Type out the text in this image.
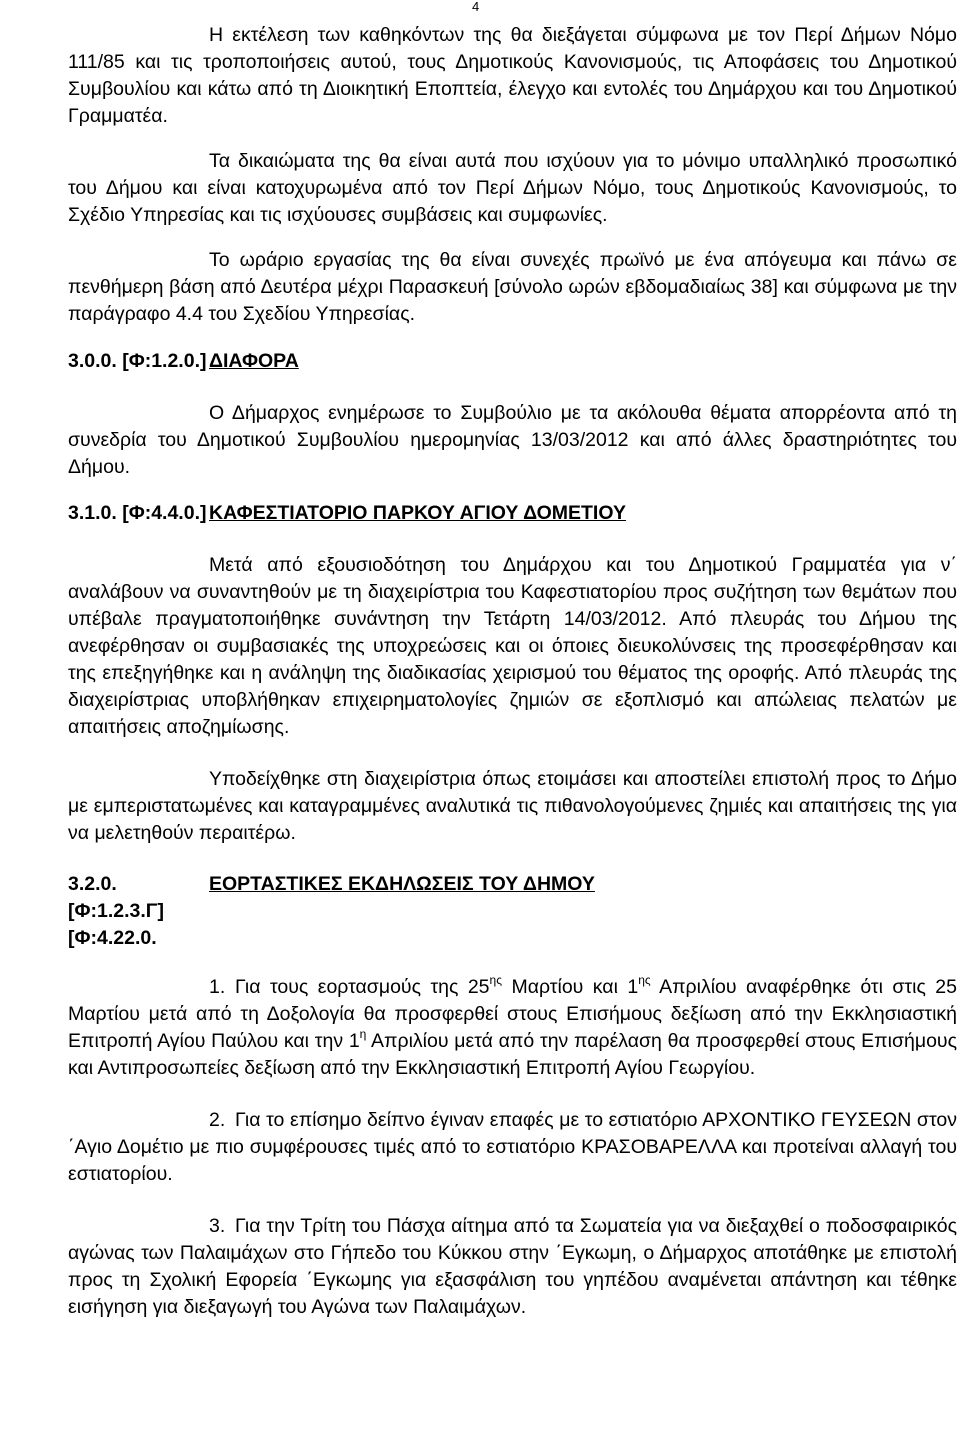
4

Η εκτέλεση των καθηκόντων της θα διεξάγεται σύμφωνα με τον Περί Δήμων Νόμο 111/85 και τις τροποποιήσεις αυτού, τους Δημοτικούς Κανονισμούς, τις Αποφάσεις του Δημοτικού Συμβουλίου και κάτω από τη Διοικητική Εποπτεία, έλεγχο και εντολές του Δημάρχου και του Δημοτικού Γραμματέα.

Τα δικαιώματα της θα είναι αυτά που ισχύουν για το μόνιμο υπαλληλικό προσωπικό του Δήμου και είναι κατοχυρωμένα από τον Περί Δήμων Νόμο, τους Δημοτικούς Κανονισμούς, το Σχέδιο Υπηρεσίας και τις ισχύουσες συμβάσεις και συμφωνίες.

Το ωράριο εργασίας της θα είναι συνεχές πρωϊνό με ένα απόγευμα και πάνω σε πενθήμερη βάση από Δευτέρα μέχρι Παρασκευή [σύνολο ωρών εβδομαδιαίως 38] και σύμφωνα με την παράγραφο 4.4 του Σχεδίου Υπηρεσίας.

3.0.0. [Φ:1.2.0.] ΔΙΑΦΟΡΑ

Ο Δήμαρχος ενημέρωσε το Συμβούλιο με τα ακόλουθα θέματα απορρέοντα από τη συνεδρία του Δημοτικού Συμβουλίου ημερομηνίας 13/03/2012 και από άλλες δραστηριότητες του Δήμου.

3.1.0. [Φ:4.4.0.] ΚΑΦΕΣΤΙΑΤΟΡΙΟ ΠΑΡΚΟΥ ΑΓΙΟΥ ΔΟΜΕΤΙΟΥ

Μετά από εξουσιοδότηση του Δημάρχου και του Δημοτικού Γραμματέα για ν΄ αναλάβουν να συναντηθούν με τη διαχειρίστρια του Καφεστιατορίου προς συζήτηση των θεμάτων που υπέβαλε πραγματοποιήθηκε συνάντηση την Τετάρτη 14/03/2012. Από πλευράς του Δήμου της ανεφέρθησαν οι συμβασιακές της υποχρεώσεις και οι όποιες διευκολύνσεις της προσεφέρθησαν και της επεξηγήθηκε και η ανάληψη της διαδικασίας χειρισμού του θέματος της οροφής. Από πλευράς της διαχειρίστριας υποβλήθηκαν επιχειρηματολογίες ζημιών σε εξοπλισμό και απώλειας πελατών με απαιτήσεις αποζημίωσης.

Υποδείχθηκε στη διαχειρίστρια όπως ετοιμάσει και αποστείλει επιστολή προς το Δήμο με εμπεριστατωμένες και καταγραμμένες αναλυτικά τις πιθανολογούμενες ζημιές και απαιτήσεις της για να μελετηθούν περαιτέρω.

3.2.0. [Φ:1.2.3.Γ]
[Φ:4.22.0.
ΕΟΡΤΑΣΤΙΚΕΣ ΕΚΔΗΛΩΣΕΙΣ ΤΟΥ ΔΗΜΟΥ

1. Για τους εορτασμούς της $25^{\eta\varsigma}$ Μαρτίου και $1^{\eta\varsigma}$ Απριλίου αναφέρθηκε ότι στις 25 Μαρτίου μετά από τη Δοξολογία θα προσφερθεί στους Επισήμους δεξίωση από την Εκκλησιαστική Επιτροπή Αγίου Παύλου και την $1^\eta$ Απριλίου μετά από την παρέλαση θα προσφερθεί στους Επισήμους και Αντιπροσωπείες δεξίωση από την Εκκλησιαστική Επιτροπή Αγίου Γεωργίου.

2. Για το επίσημο δείπνο έγιναν επαφές με το εστιατόριο ΑΡΧΟΝΤΙΚΟ ΓΕΥΣΕΩΝ στον ΄Αγιο Δομέτιο με πιο συμφέρουσες τιμές από το εστιατόριο ΚΡΑΣΟΒΑΡΕΛΛΑ και προτείναι αλλαγή του εστιατορίου.

3. Για την Τρίτη του Πάσχα αίτημα από τα Σωματεία για να διεξαχθεί ο ποδοσφαιρικός αγώνας των Παλαιμάχων στο Γήπεδο του Κύκκου στην ΄Εγκωμη, ο Δήμαρχος αποτάθηκε με επιστολή προς τη Σχολική Εφορεία ΄Εγκωμης για εξασφάλιση του γηπέδου αναμένεται απάντηση και τέθηκε εισήγηση για διεξαγωγή του Αγώνα των Παλαιμάχων.
